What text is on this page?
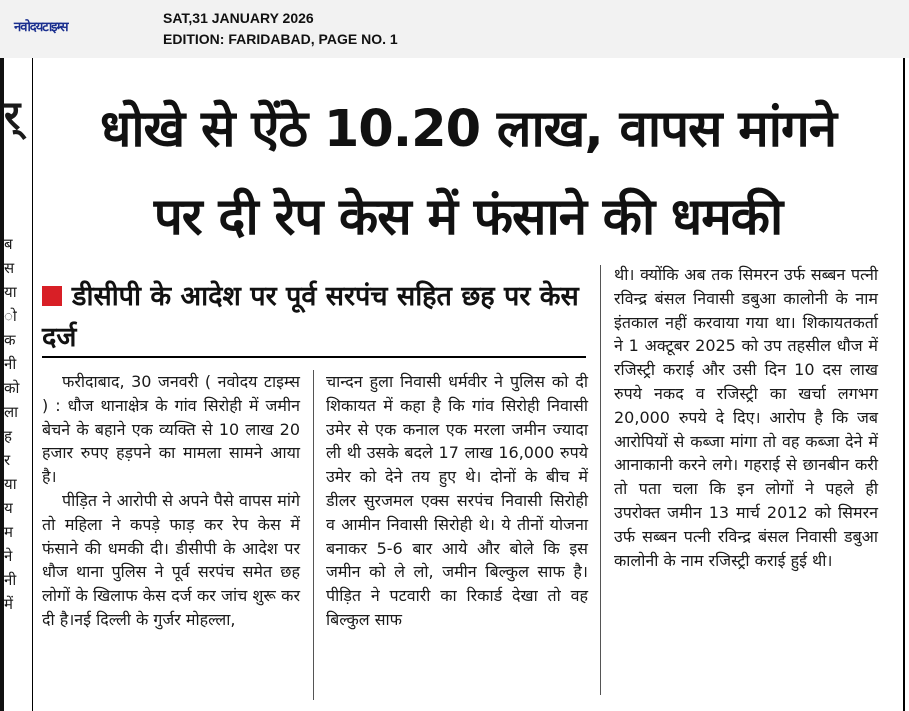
नवोदयटाइम्स
SAT,31 JANUARY 2026
EDITION: FARIDABAD, PAGE NO. 1
र्
ब
स
या
ो
क
नी
को
ला
ह
र
या
य
म
ने
नी
में
धोखे से ऐंठे 10.20 लाख, वापस मांगने
पर दी रेप केस में फंसाने की धमकी
डीसीपी के आदेश पर पूर्व सरपंच सहित छह पर केस दर्ज

फरीदाबाद, 30 जनवरी ( नवोदय टाइम्स ) : धौज थानाक्षेत्र के गांव सिरोही में जमीन बेचने के बहाने एक व्यक्ति से 10 लाख 20 हजार रुपए हड़पने का मामला सामने आया है।

पीड़ित ने आरोपी से अपने पैसे वापस मांगे तो महिला ने कपड़े फाड़ कर रेप केस में फंसाने की धमकी दी। डीसीपी के आदेश पर धौज थाना पुलिस ने पूर्व सरपंच समेत छह लोगों के खिलाफ केस दर्ज कर जांच शुरू कर दी है।नई दिल्ली के गुर्जर मोहल्ला,

चान्दन हुला निवासी धर्मवीर ने पुलिस को दी शिकायत में कहा है कि गांव सिरोही निवासी उमेर से एक कनाल एक मरला जमीन ज्यादा ली थी उसके बदले 17 लाख 16,000 रुपये उमेर को देने तय हुए थे। दोनों के बीच में डीलर सुरजमल एक्स सरपंच निवासी सिरोही व आमीन निवासी सिरोही थे। ये तीनों योजना बनाकर 5-6 बार आये और बोले कि इस जमीन को ले लो, जमीन बिल्कुल साफ है। पीड़ित ने पटवारी का रिकार्ड देखा तो वह बिल्कुल साफ

थी। क्योंकि अब तक सिमरन उर्फ सब्बन पत्नी रविन्द्र बंसल निवासी डबुआ कालोनी के नाम इंतकाल नहीं करवाया गया था। शिकायतकर्ता ने 1 अक्टूबर 2025 को उप तहसील धौज में रजिस्ट्री कराई और उसी दिन 10 दस लाख रुपये नकद व रजिस्ट्री का खर्चा लगभग 20,000 रुपये दे दिए। आरोप है कि जब आरोपियों से कब्जा मांगा तो वह कब्जा देने में आनाकानी करने लगे। गहराई से छानबीन करी तो पता चला कि इन लोगों ने पहले ही उपरोक्त जमीन 13 मार्च 2012 को सिमरन उर्फ सब्बन पत्नी रविन्द्र बंसल निवासी डबुआ कालोनी के नाम रजिस्ट्री कराई हुई थी।
